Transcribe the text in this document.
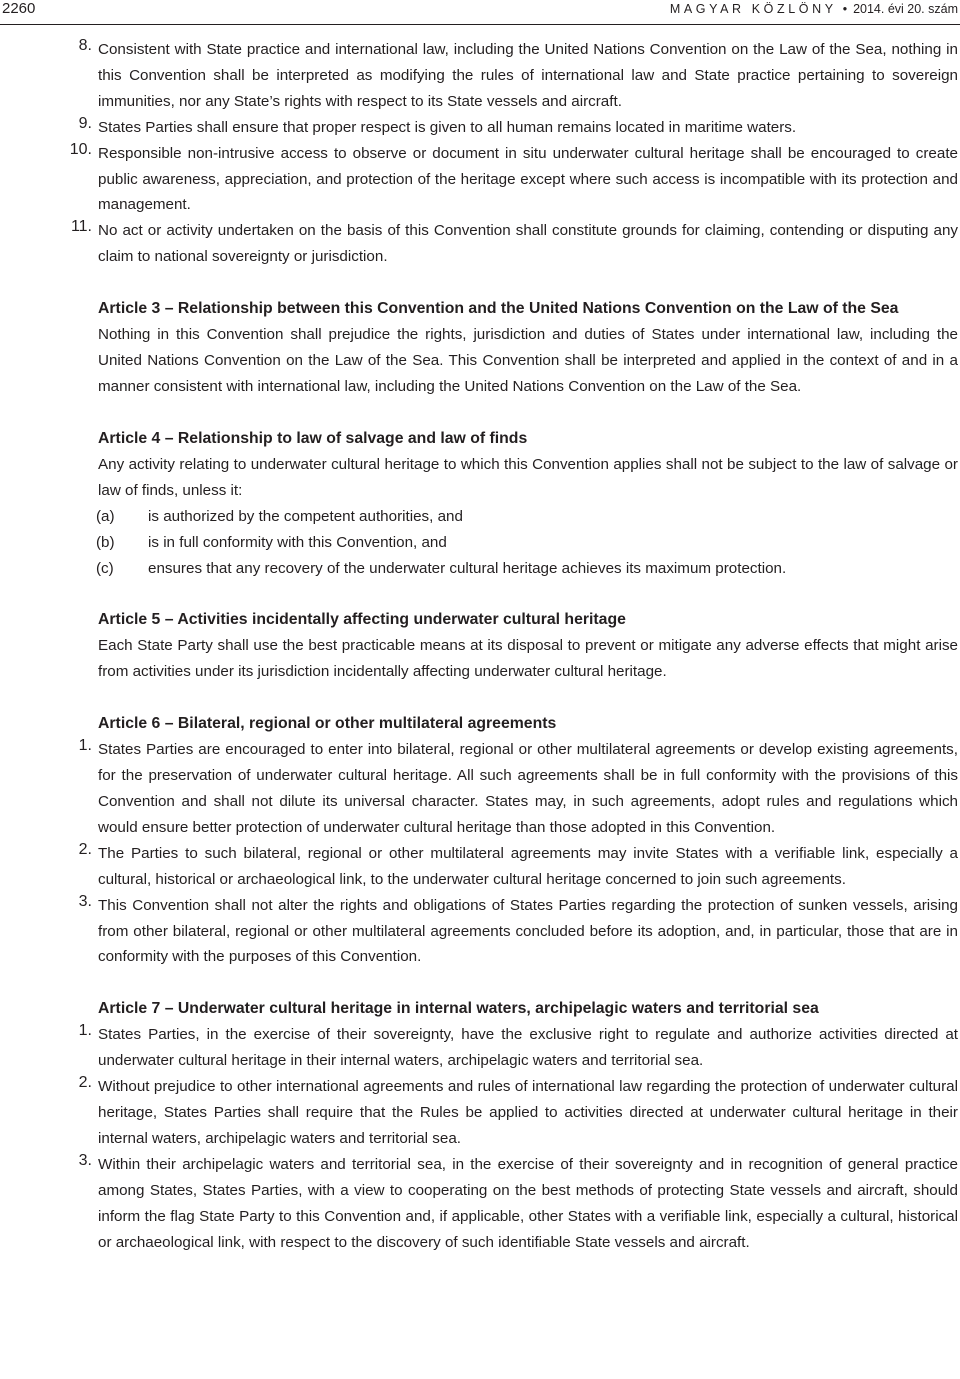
2260	MAGYAR KÖZLÖNY • 2014. évi 20. szám
8. Consistent with State practice and international law, including the United Nations Convention on the Law of the Sea, nothing in this Convention shall be interpreted as modifying the rules of international law and State practice pertaining to sovereign immunities, nor any State’s rights with respect to its State vessels and aircraft.
9. States Parties shall ensure that proper respect is given to all human remains located in maritime waters.
10. Responsible non-intrusive access to observe or document in situ underwater cultural heritage shall be encouraged to create public awareness, appreciation, and protection of the heritage except where such access is incompatible with its protection and management.
11. No act or activity undertaken on the basis of this Convention shall constitute grounds for claiming, contending or disputing any claim to national sovereignty or jurisdiction.
Article 3 – Relationship between this Convention and the United Nations Convention on the Law of the Sea
Nothing in this Convention shall prejudice the rights, jurisdiction and duties of States under international law, including the United Nations Convention on the Law of the Sea. This Convention shall be interpreted and applied in the context of and in a manner consistent with international law, including the United Nations Convention on the Law of the Sea.
Article 4 – Relationship to law of salvage and law of finds
Any activity relating to underwater cultural heritage to which this Convention applies shall not be subject to the law of salvage or law of finds, unless it:
(a) is authorized by the competent authorities, and
(b) is in full conformity with this Convention, and
(c) ensures that any recovery of the underwater cultural heritage achieves its maximum protection.
Article 5 – Activities incidentally affecting underwater cultural heritage
Each State Party shall use the best practicable means at its disposal to prevent or mitigate any adverse effects that might arise from activities under its jurisdiction incidentally affecting underwater cultural heritage.
Article 6 – Bilateral, regional or other multilateral agreements
1. States Parties are encouraged to enter into bilateral, regional or other multilateral agreements or develop existing agreements, for the preservation of underwater cultural heritage. All such agreements shall be in full conformity with the provisions of this Convention and shall not dilute its universal character. States may, in such agreements, adopt rules and regulations which would ensure better protection of underwater cultural heritage than those adopted in this Convention.
2. The Parties to such bilateral, regional or other multilateral agreements may invite States with a verifiable link, especially a cultural, historical or archaeological link, to the underwater cultural heritage concerned to join such agreements.
3. This Convention shall not alter the rights and obligations of States Parties regarding the protection of sunken vessels, arising from other bilateral, regional or other multilateral agreements concluded before its adoption, and, in particular, those that are in conformity with the purposes of this Convention.
Article 7 – Underwater cultural heritage in internal waters, archipelagic waters and territorial sea
1. States Parties, in the exercise of their sovereignty, have the exclusive right to regulate and authorize activities directed at underwater cultural heritage in their internal waters, archipelagic waters and territorial sea.
2. Without prejudice to other international agreements and rules of international law regarding the protection of underwater cultural heritage, States Parties shall require that the Rules be applied to activities directed at underwater cultural heritage in their internal waters, archipelagic waters and territorial sea.
3. Within their archipelagic waters and territorial sea, in the exercise of their sovereignty and in recognition of general practice among States, States Parties, with a view to cooperating on the best methods of protecting State vessels and aircraft, should inform the flag State Party to this Convention and, if applicable, other States with a verifiable link, especially a cultural, historical or archaeological link, with respect to the discovery of such identifiable State vessels and aircraft.
